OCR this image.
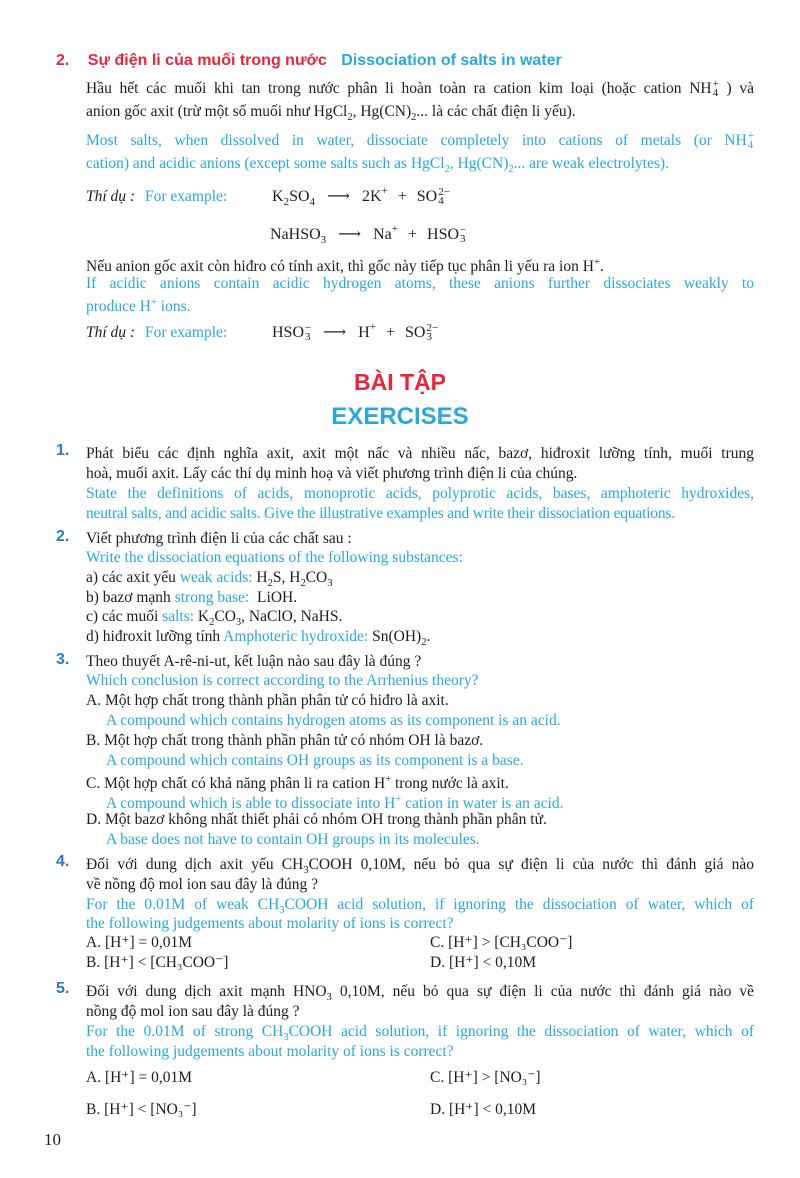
2. Sự điện li của muối trong nước Dissociation of salts in water
Hầu hết các muối khi tan trong nước phân li hoàn toàn ra cation kim loại (hoặc cation NH +
4 ) và
anion gốc axit (trừ một số muối như HgCl$_2$, $Hg(CN)_2$... là các chất điện li yếu).
Most salts, when dissolved in water, dissociate completely into cations of metals (or NH +
4
cation) and acidic anions (except some salts such as HgCl$_2$, $Hg(CN)_2$... are weak electrolytes).
Thí dụ : For example:	$K_2SO_4$ ⟶ 2K+ + SO 2−
4
NaHSO$_3$ ⟶ Na+ + HSO −
3
Nếu anion gốc axit còn hiđro có tính axit, thì gốc này tiếp tục phân li yếu ra ion H+.
If acidic anions contain acidic hydrogen atoms, these anions further dissociates weakly to
produce H+ ions.
Thí dụ : For example:	HSO −
3 ⟶ H+ + SO 2−
3
BÀI TẬP
EXERCISES
1. Phát biểu các định nghĩa axit, axit một nấc và nhiều nấc, bazơ, hiđroxit lưỡng tính, muối trung
hoà, muối axit. Lấy các thí dụ minh hoạ và viết phương trình điện li của chúng.
State the definitions of acids, monoprotic acids, polyprotic acids, bases, amphoteric hydroxides,
neutral salts, and acidic salts. Give the illustrative examples and write their dissociation equations.
2. Viết phương trình điện li của các chất sau :
Write the dissociation equations of the following substances:
a) các axit yếu weak acids: $H_2S$, $H_2CO_3$
b) bazơ mạnh strong base: LiOH.
c) các muối salts: $K_2CO_3$, NaClO, NaHS.
d) hiđroxit lưỡng tính Amphoteric hydroxide: $Sn(OH)_2$.
3. Theo thuyết A-rê-ni-ut, kết luận nào sau đây là đúng ?
Which conclusion is correct according to the Arrhenius theory?
A. Một hợp chất trong thành phần phân tử có hiđro là axit.
A compound which contains hydrogen atoms as its component is an acid.
B. Một hợp chất trong thành phần phân tử có nhóm OH là bazơ.
A compound which contains OH groups as its component is a base.
C. Một hợp chất có khả năng phân li ra cation H+ trong nước là axit.
A compound which is able to dissociate into H+ cation in water is an acid.
D. Một bazơ không nhất thiết phải có nhóm OH trong thành phần phân tử.
A base does not have to contain OH groups in its molecules.
4. Đối với dung dịch axit yếu $CH_3COOH$ 0,10M, nếu bỏ qua sự điện li của nước thì đánh giá nào
về nồng độ mol ion sau đây là đúng ?
For the 0.01M of weak $CH_3COOH$ acid solution, if ignoring the dissociation of water, which of
the following judgements about molarity of ions is correct?
A. [H⁺] = 0,01M	C. [H⁺] > [CH₃COO⁻]
B. [H⁺] < [CH₃COO⁻]	D. [H⁺] < 0,10M
5. Đối với dung dịch axit mạnh $HNO_3$ 0,10M, nếu bỏ qua sự điện li của nước thì đánh giá nào về
nồng độ mol ion sau đây là đúng ?
For the 0.01M of strong $CH_3COOH$ acid solution, if ignoring the dissociation of water, which of
the following judgements about molarity of ions is correct?
A. [H⁺] = 0,01M	C. [H⁺] > [NO₃⁻]
B. [H⁺] < [NO₃⁻]	D. [H⁺] < 0,10M
10
